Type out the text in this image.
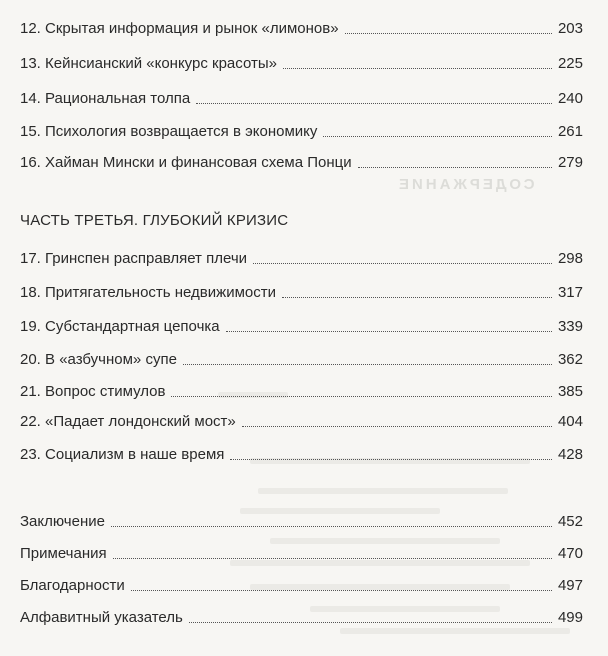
СОДЕРЖАНИЕ
12. Скрытая информация и рынок «лимонов»	203
13. Кейнсианский «конкурс красоты»	225
14. Рациональная толпа	240
15. Психология возвращается в экономику	261
16. Хайман Мински и финансовая схема Понци	279
ЧАСТЬ ТРЕТЬЯ. ГЛУБОКИЙ КРИЗИС
17. Гринспен расправляет плечи	298
18. Притягательность недвижимости	317
19. Субстандартная цепочка	339
20. В «азбучном» супе	362
21. Вопрос стимулов	385
22. «Падает лондонский мост»	404
23. Социализм в наше время	428
Заключение	452
Примечания	470
Благодарности	497
Алфавитный указатель	499
